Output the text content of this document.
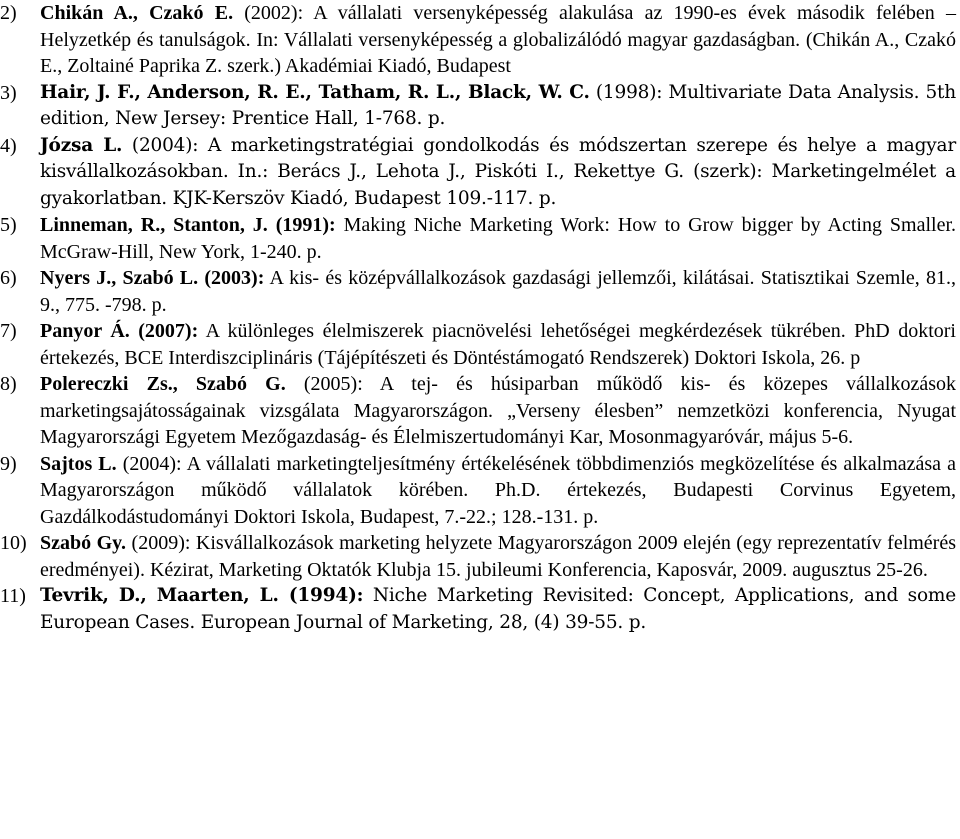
2)	Chikán A., Czakó E. (2002): A vállalati versenyképesség alakulása az 1990-es évek második felében – Helyzetkép és tanulságok. In: Vállalati versenyképesség a globalizálódó magyar gazdaságban. (Chikán A., Czakó E., Zoltainé Paprika Z. szerk.) Akadémiai Kiadó, Budapest
3)	Hair, J. F., Anderson, R. E., Tatham, R. L., Black, W. C. (1998): Multivariate Data Analysis. 5th edition, New Jersey: Prentice Hall, 1-768. p.
4)	Józsa L. (2004): A marketingstratégiai gondolkodás és módszertan szerepe és helye a magyar kisvállalkozásokban. In.: Berács J., Lehota J., Piskóti I., Rekettye G. (szerk): Marketingelmélet a gyakorlatban. KJK-Kerszöv Kiadó, Budapest 109.-117. p.
5)	Linneman, R., Stanton, J. (1991): Making Niche Marketing Work: How to Grow bigger by Acting Smaller. McGraw-Hill, New York, 1-240. p.
6)	Nyers J., Szabó L. (2003): A kis- és középvállalkozások gazdasági jellemzői, kilátásai. Statisztikai Szemle, 81., 9., 775. -798. p.
7)	Panyor Á. (2007): A különleges élelmiszerek piacnövelési lehetőségei megkérdezések tükrében. PhD doktori értekezés, BCE Interdiszciplináris (Tájépítészeti és Döntéstámogató Rendszerek) Doktori Iskola, 26. p
8)	Polereczki Zs., Szabó G. (2005): A tej- és húsiparban működő kis- és közepes vállalkozások marketingsajátosságainak vizsgálata Magyarországon. „Verseny élesben” nemzetközi konferencia, Nyugat Magyarországi Egyetem Mezőgazdaság- és Élelmiszertudományi Kar, Mosonmagyaróvár, május 5-6.
9)	Sajtos L. (2004): A vállalati marketingteljesítmény értékelésének többdimenziós megközelítése és alkalmazása a Magyarországon működő vállalatok körében. Ph.D. értekezés, Budapesti Corvinus Egyetem, Gazdálkodástudományi Doktori Iskola, Budapest, 7.-22.; 128.-131. p.
10) Szabó Gy. (2009): Kisvállalkozások marketing helyzete Magyarországon 2009 elején (egy reprezentatív felmérés eredményei). Kézirat, Marketing Oktatók Klubja 15. jubileumi Konferencia, Kaposvár, 2009. augusztus 25-26.
11) Tevrik, D., Maarten, L. (1994): Niche Marketing Revisited: Concept, Applications, and some European Cases. European Journal of Marketing, 28, (4) 39-55. p.
